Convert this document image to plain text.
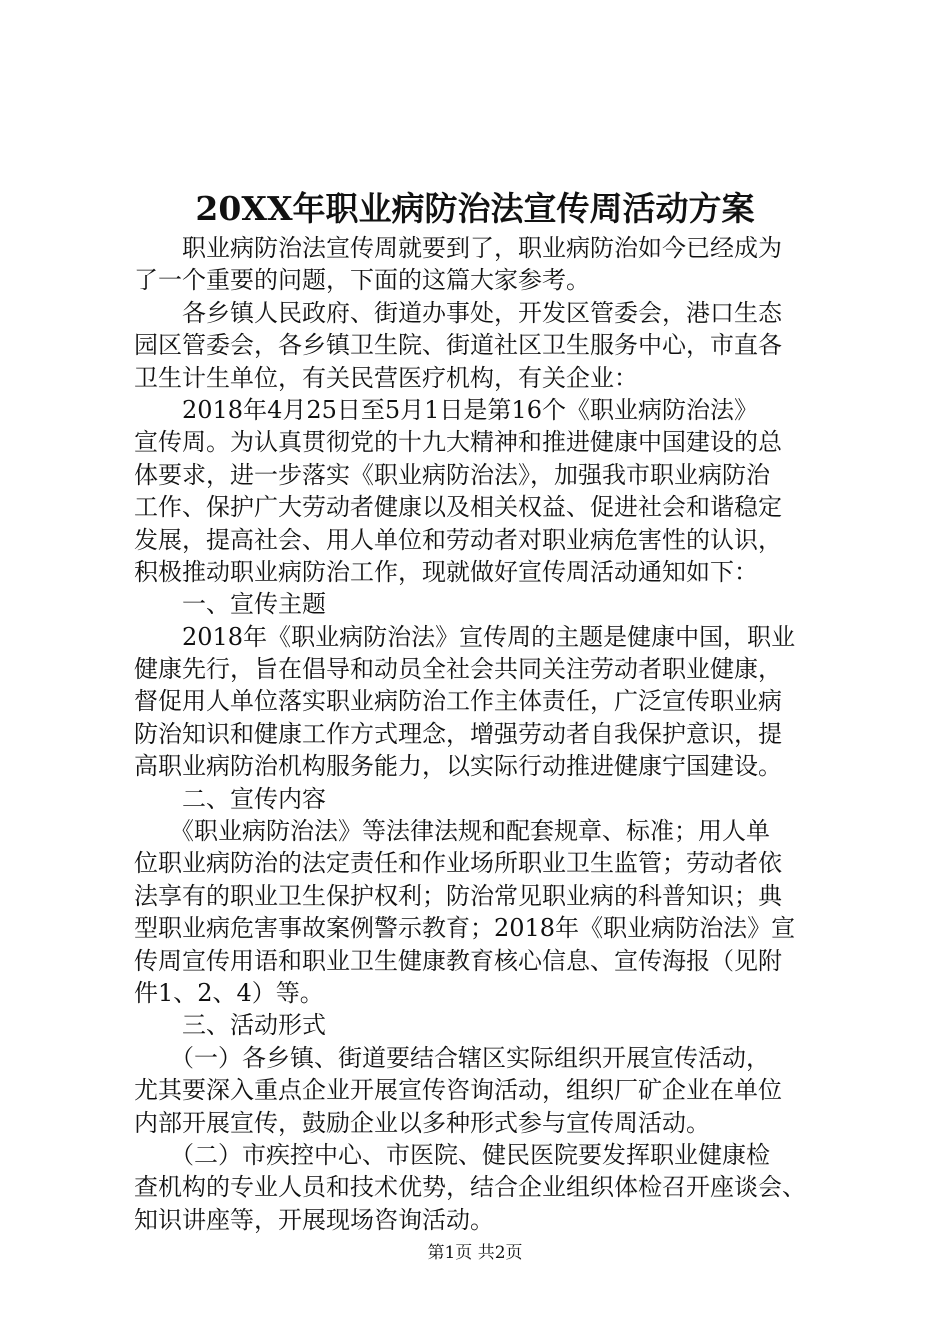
20XX年职业病防治法宣传周活动方案
　　职业病防治法宣传周就要到了，职业病防治如今已经成为
了一个重要的问题，下面的这篇大家参考。
　　各乡镇人民政府、街道办事处，开发区管委会，港口生态
园区管委会，各乡镇卫生院、街道社区卫生服务中心，市直各
卫生计生单位，有关民营医疗机构，有关企业：
　　2018年4月25日至5月1日是第16个《职业病防治法》
宣传周。为认真贯彻党的十九大精神和推进健康中国建设的总
体要求，进一步落实《职业病防治法》，加强我市职业病防治
工作、保护广大劳动者健康以及相关权益、促进社会和谐稳定
发展，提高社会、用人单位和劳动者对职业病危害性的认识，
积极推动职业病防治工作，现就做好宣传周活动通知如下：
　　一、宣传主题
　　2018年《职业病防治法》宣传周的主题是健康中国，职业
健康先行，旨在倡导和动员全社会共同关注劳动者职业健康，
督促用人单位落实职业病防治工作主体责任，广泛宣传职业病
防治知识和健康工作方式理念，增强劳动者自我保护意识，提
高职业病防治机构服务能力，以实际行动推进健康宁国建设。
　　二、宣传内容
　　《职业病防治法》等法律法规和配套规章、标准；用人单
位职业病防治的法定责任和作业场所职业卫生监管；劳动者依
法享有的职业卫生保护权利；防治常见职业病的科普知识；典
型职业病危害事故案例警示教育；2018年《职业病防治法》宣
传周宣传用语和职业卫生健康教育核心信息、宣传海报（见附
件1、2、4）等。
　　三、活动形式
　　（一）各乡镇、街道要结合辖区实际组织开展宣传活动，
尤其要深入重点企业开展宣传咨询活动，组织厂矿企业在单位
内部开展宣传，鼓励企业以多种形式参与宣传周活动。
　　（二）市疾控中心、市医院、健民医院要发挥职业健康检
查机构的专业人员和技术优势，结合企业组织体检召开座谈会、
知识讲座等，开展现场咨询活动。
第1页 共2页
